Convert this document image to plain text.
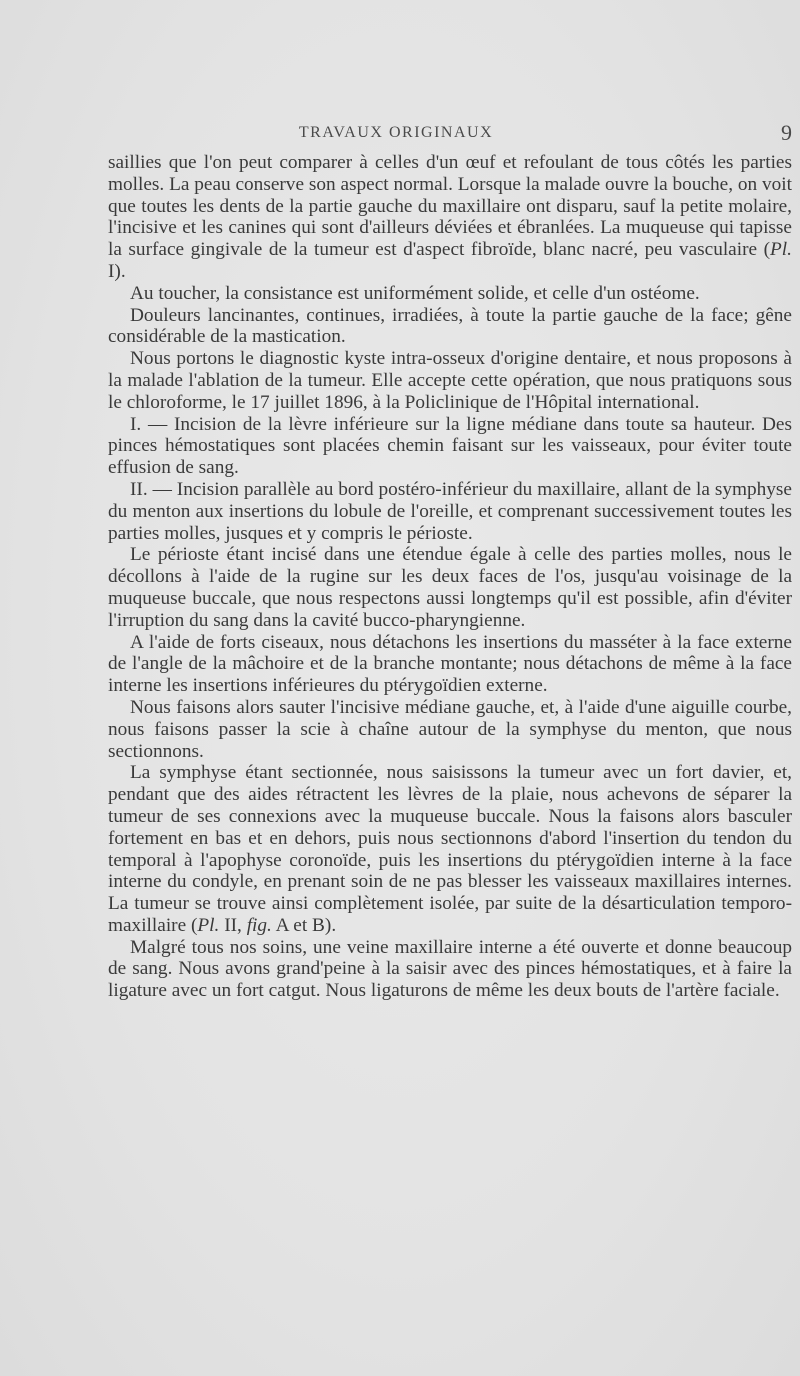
TRAVAUX ORIGINAUX	9

saillies que l'on peut comparer à celles d'un œuf et refoulant de tous côtés les parties molles. La peau conserve son aspect normal. Lorsque la malade ouvre la bouche, on voit que toutes les dents de la partie gauche du maxillaire ont disparu, sauf la petite molaire, l'incisive et les canines qui sont d'ailleurs déviées et ébranlées. La muqueuse qui tapisse la surface gingivale de la tumeur est d'aspect fibroïde, blanc nacré, peu vasculaire (Pl. I).

Au toucher, la consistance est uniformément solide, et celle d'un ostéome.

Douleurs lancinantes, continues, irradiées, à toute la partie gauche de la face; gêne considérable de la mastication.

Nous portons le diagnostic kyste intra-osseux d'origine dentaire, et nous proposons à la malade l'ablation de la tumeur. Elle accepte cette opération, que nous pratiquons sous le chloroforme, le 17 juillet 1896, à la Policlinique de l'Hôpital international.

I. — Incision de la lèvre inférieure sur la ligne médiane dans toute sa hauteur. Des pinces hémostatiques sont placées chemin faisant sur les vaisseaux, pour éviter toute effusion de sang.

II. — Incision parallèle au bord postéro-inférieur du maxillaire, allant de la symphyse du menton aux insertions du lobule de l'oreille, et comprenant successivement toutes les parties molles, jusques et y compris le périoste.

Le périoste étant incisé dans une étendue égale à celle des parties molles, nous le décollons à l'aide de la rugine sur les deux faces de l'os, jusqu'au voisinage de la muqueuse buccale, que nous respectons aussi longtemps qu'il est possible, afin d'éviter l'irruption du sang dans la cavité bucco-pharyngienne.

A l'aide de forts ciseaux, nous détachons les insertions du masséter à la face externe de l'angle de la mâchoire et de la branche montante; nous détachons de même à la face interne les insertions inférieures du ptérygoïdien externe.

Nous faisons alors sauter l'incisive médiane gauche, et, à l'aide d'une aiguille courbe, nous faisons passer la scie à chaîne autour de la symphyse du menton, que nous sectionnons.

La symphyse étant sectionnée, nous saisissons la tumeur avec un fort davier, et, pendant que des aides rétractent les lèvres de la plaie, nous achevons de séparer la tumeur de ses connexions avec la muqueuse buccale. Nous la faisons alors basculer fortement en bas et en dehors, puis nous sectionnons d'abord l'insertion du tendon du temporal à l'apophyse coronoïde, puis les insertions du ptérygoïdien interne à la face interne du condyle, en prenant soin de ne pas blesser les vaisseaux maxillaires internes. La tumeur se trouve ainsi complètement isolée, par suite de la désarticulation temporo-maxillaire (Pl. II, fig. A et B).

Malgré tous nos soins, une veine maxillaire interne a été ouverte et donne beaucoup de sang. Nous avons grand'peine à la saisir avec des pinces hémostatiques, et à faire la ligature avec un fort catgut. Nous ligaturons de même les deux bouts de l'artère faciale.
